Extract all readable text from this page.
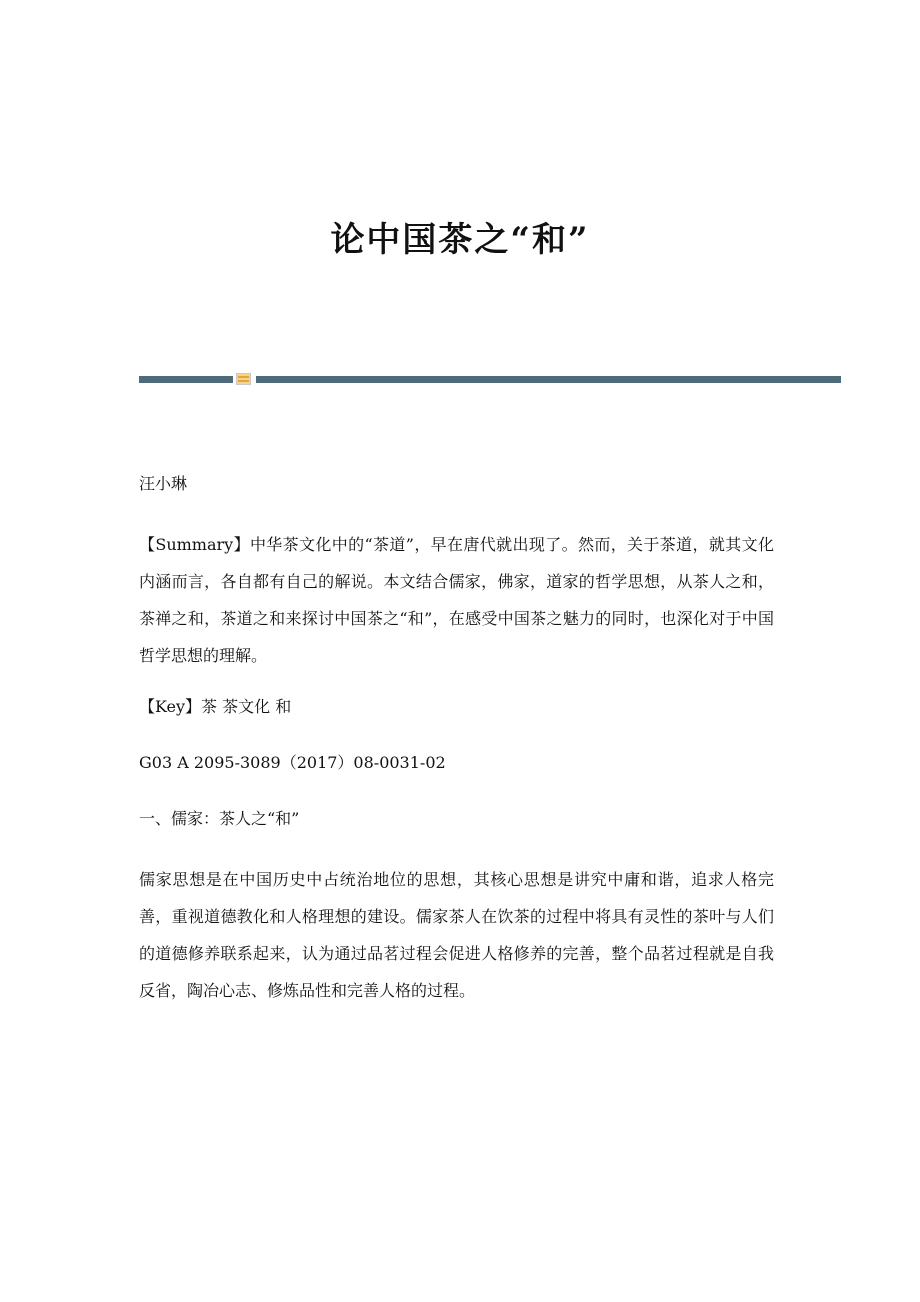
论中国茶之“和”

汪小琳

【Summary】中华茶文化中的“茶道”，早在唐代就出现了。然而，关于茶道，就其文化内涵而言，各自都有自己的解说。本文结合儒家，佛家，道家的哲学思想，从茶人之和，茶禅之和，茶道之和来探讨中国茶之“和”，在感受中国茶之魅力的同时，也深化对于中国哲学思想的理解。

【Key】茶 茶文化 和

G03 A 2095-3089（2017）08-0031-02

一、儒家：茶人之“和”

儒家思想是在中国历史中占统治地位的思想，其核心思想是讲究中庸和谐，追求人格完善，重视道德教化和人格理想的建设。儒家茶人在饮茶的过程中将具有灵性的茶叶与人们的道德修养联系起来，认为通过品茗过程会促进人格修养的完善，整个品茗过程就是自我反省，陶冶心志、修炼品性和完善人格的过程。
